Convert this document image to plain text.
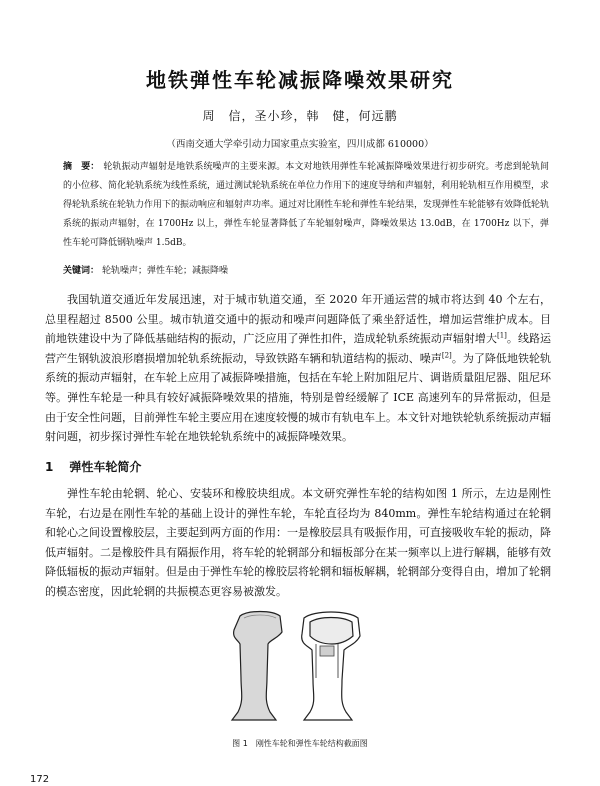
地铁弹性车轮减振降噪效果研究
周　信，圣小珍，韩　健，何远鹏
（西南交通大学牵引动力国家重点实验室，四川成都 610000）
摘　要： 轮轨振动声辐射是地铁系统噪声的主要来源。本文对地铁用弹性车轮减振降噪效果进行初步研究。考虑到轮轨间的小位移、简化轮轨系统为线性系统，通过测试轮轨系统在单位力作用下的速度导纳和声辐射，利用轮轨相互作用模型，求得轮轨系统在轮轨力作用下的振动响应和辐射声功率。通过对比刚性车轮和弹性车轮结果，发现弹性车轮能够有效降低轮轨系统的振动声辐射，在 1700Hz 以上，弹性车轮显著降低了车轮辐射噪声，降噪效果达 13.0dB，在 1700Hz 以下，弹性车轮可降低钢轨噪声 1.5dB。
关键词： 轮轨噪声；弹性车轮；减振降噪

我国轨道交通近年发展迅速，对于城市轨道交通，至 2020 年开通运营的城市将达到 40 个左右，总里程超过 8500 公里。城市轨道交通中的振动和噪声问题降低了乘坐舒适性，增加运营维护成本。目前地铁建设中为了降低基础结构的振动，广泛应用了弹性扣件，造成轮轨系统振动声辐射增大[1]。线路运营产生钢轨波浪形磨损增加轮轨系统振动，导致铁路车辆和轨道结构的振动、噪声[2]。为了降低地铁轮轨系统的振动声辐射，在车轮上应用了减振降噪措施，包括在车轮上附加阻尼片、调谐质量阻尼器、阻尼环等。弹性车轮是一种具有较好减振降噪效果的措施，特别是曾经缓解了 ICE 高速列车的异常振动，但是由于安全性问题，目前弹性车轮主要应用在速度较慢的城市有轨电车上。本文针对地铁轮轨系统振动声辐射问题，初步探讨弹性车轮在地铁轮轨系统中的减振降噪效果。

1 弹性车轮简介

弹性车轮由轮辋、轮心、安装环和橡胶块组成。本文研究弹性车轮的结构如图 1 所示，左边是刚性车轮，右边是在刚性车轮的基础上设计的弹性车轮，车轮直径均为 840mm。弹性车轮结构通过在轮辋和轮心之间设置橡胶层，主要起到两方面的作用：一是橡胶层具有吸振作用，可直接吸收车轮的振动，降低声辐射。二是橡胶件具有隔振作用，将车轮的轮辋部分和辐板部分在某一频率以上进行解耦，能够有效降低辐板的振动声辐射。但是由于弹性车轮的橡胶层将轮辋和辐板解耦，轮辋部分变得自由，增加了轮辋的模态密度，因此轮辋的共振模态更容易被激发。

图 1 刚性车轮和弹性车轮结构截面图
172
